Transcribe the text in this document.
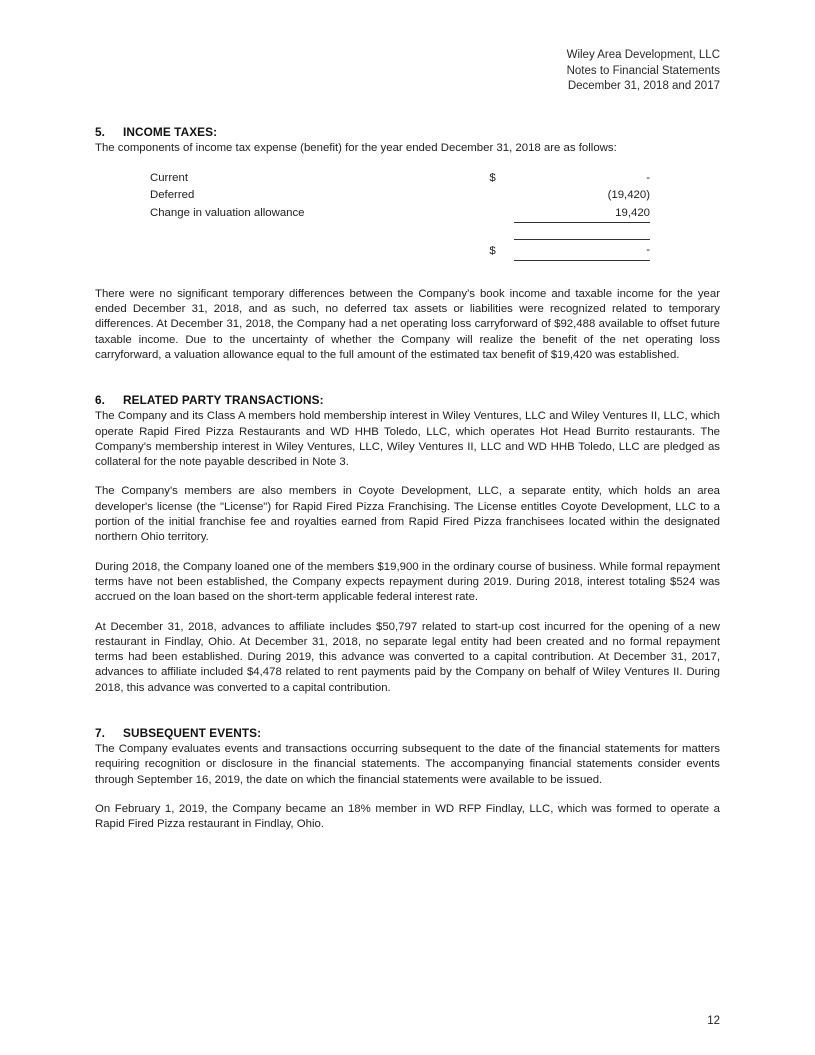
Wiley Area Development, LLC
Notes to Financial Statements
December 31, 2018 and 2017
5.	INCOME TAXES:

The components of income tax expense (benefit) for the year ended December 31, 2018 are as follows:

Current	$	-
Deferred		(19,420)
Change in valuation allowance		19,420
	$	-

There were no significant temporary differences between the Company's book income and taxable income for the year ended December 31, 2018, and as such, no deferred tax assets or liabilities were recognized related to temporary differences. At December 31, 2018, the Company had a net operating loss carryforward of $92,488 available to offset future taxable income. Due to the uncertainty of whether the Company will realize the benefit of the net operating loss carryforward, a valuation allowance equal to the full amount of the estimated tax benefit of $19,420 was established.

6.	RELATED PARTY TRANSACTIONS:

The Company and its Class A members hold membership interest in Wiley Ventures, LLC and Wiley Ventures II, LLC, which operate Rapid Fired Pizza Restaurants and WD HHB Toledo, LLC, which operates Hot Head Burrito restaurants. The Company's membership interest in Wiley Ventures, LLC, Wiley Ventures II, LLC and WD HHB Toledo, LLC are pledged as collateral for the note payable described in Note 3.

The Company's members are also members in Coyote Development, LLC, a separate entity, which holds an area developer's license (the "License") for Rapid Fired Pizza Franchising. The License entitles Coyote Development, LLC to a portion of the initial franchise fee and royalties earned from Rapid Fired Pizza franchisees located within the designated northern Ohio territory.

During 2018, the Company loaned one of the members $19,900 in the ordinary course of business. While formal repayment terms have not been established, the Company expects repayment during 2019. During 2018, interest totaling $524 was accrued on the loan based on the short-term applicable federal interest rate.

At December 31, 2018, advances to affiliate includes $50,797 related to start-up cost incurred for the opening of a new restaurant in Findlay, Ohio. At December 31, 2018, no separate legal entity had been created and no formal repayment terms had been established. During 2019, this advance was converted to a capital contribution. At December 31, 2017, advances to affiliate included $4,478 related to rent payments paid by the Company on behalf of Wiley Ventures II. During 2018, this advance was converted to a capital contribution.

7.	SUBSEQUENT EVENTS:

The Company evaluates events and transactions occurring subsequent to the date of the financial statements for matters requiring recognition or disclosure in the financial statements. The accompanying financial statements consider events through September 16, 2019, the date on which the financial statements were available to be issued.

On February 1, 2019, the Company became an 18% member in WD RFP Findlay, LLC, which was formed to operate a Rapid Fired Pizza restaurant in Findlay, Ohio.

12
